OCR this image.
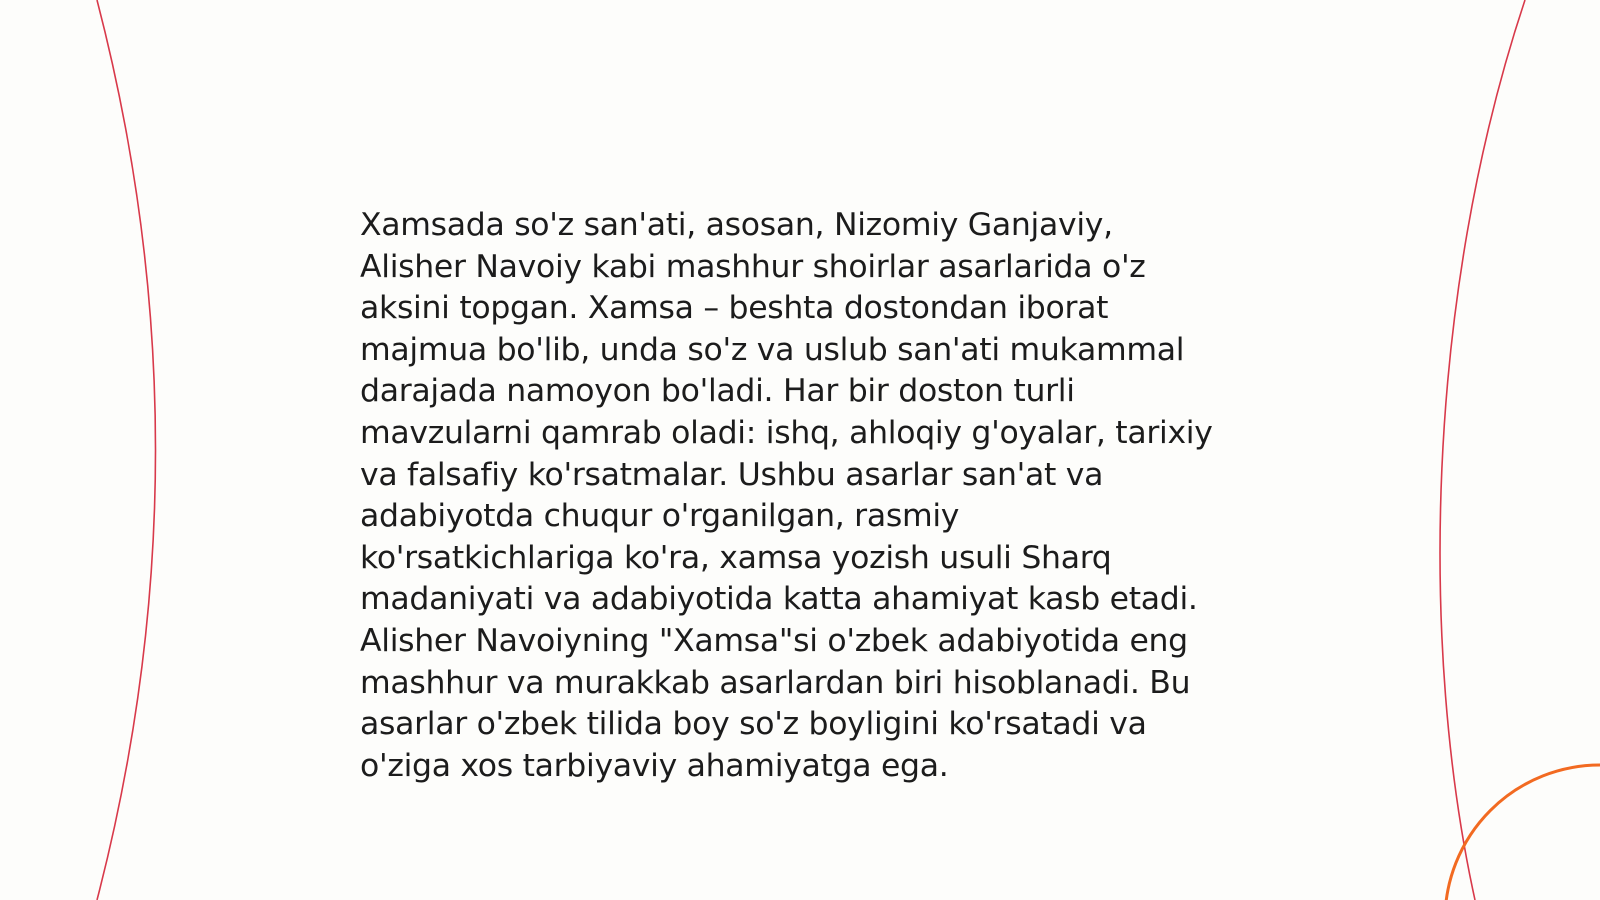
Xamsada so'z san'ati, asosan, Nizomiy Ganjaviy,
Alisher Navoiy kabi mashhur shoirlar asarlarida o'z
aksini topgan. Xamsa – beshta dostondan iborat
majmua bo'lib, unda so'z va uslub san'ati mukammal
darajada namoyon bo'ladi. Har bir doston turli
mavzularni qamrab oladi: ishq, ahloqiy g'oyalar, tarixiy
va falsafiy ko'rsatmalar. Ushbu asarlar san'at va
adabiyotda chuqur o'rganilgan, rasmiy
ko'rsatkichlariga ko'ra, xamsa yozish usuli Sharq
madaniyati va adabiyotida katta ahamiyat kasb etadi.
Alisher Navoiyning "Xamsa"si o'zbek adabiyotida eng
mashhur va murakkab asarlardan biri hisoblanadi. Bu
asarlar o'zbek tilida boy so'z boyligini ko'rsatadi va
o'ziga xos tarbiyaviy ahamiyatga ega.
